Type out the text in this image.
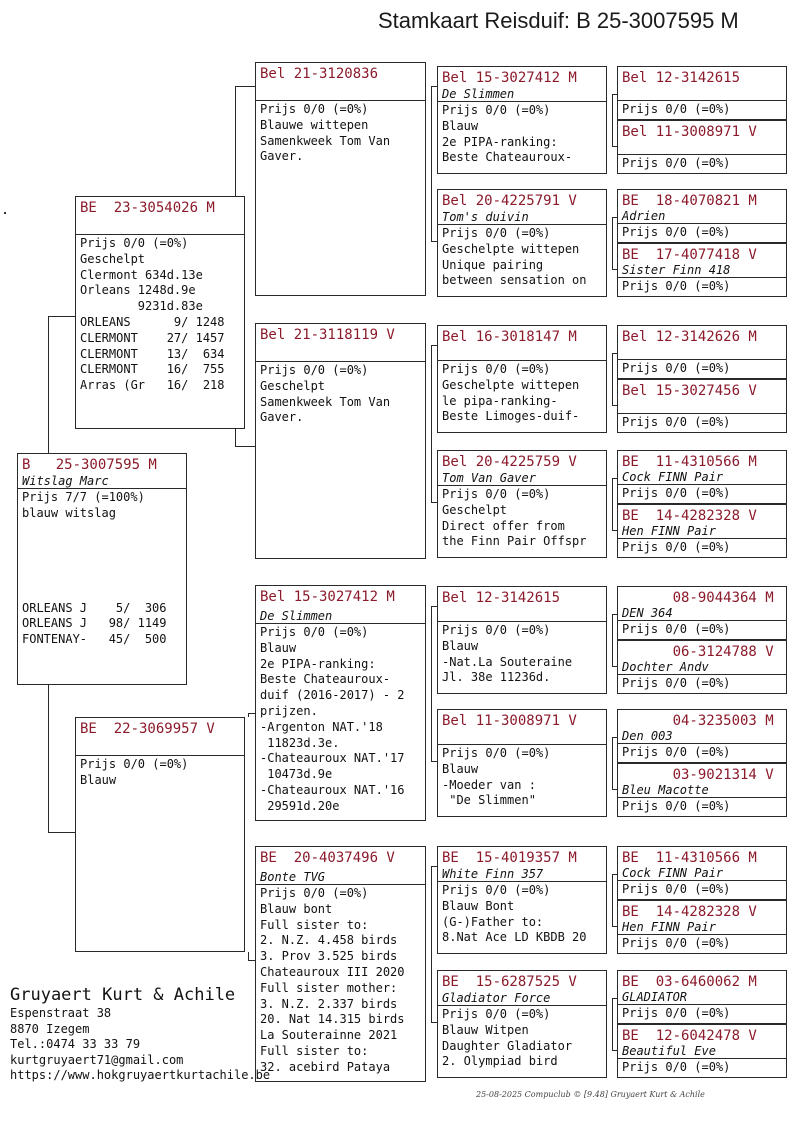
Stamkaart Reisduif: B 25-3007595 M
B   25-3007595 M
Witslag Marc
Prijs 7/7 (=100%)
blauw witslag

ORLEANS J    5/  306
ORLEANS J   98/ 1149
FONTENAY-   45/  500
BE  23-3054026 M
Prijs 0/0 (=0%)
Geschelpt
Clermont 634d.13e
Orleans 1248d.9e
9231d.83e
ORLEANS      9/ 1248
CLERMONT    27/ 1457
CLERMONT    13/  634
CLERMONT    16/  755
Arras (Gr   16/  218
BE  22-3069957 V
Prijs 0/0 (=0%)
Blauw
Bel 21-3120836
Prijs 0/0 (=0%)
Blauwe wittepen
Samenkweek Tom Van
Gaver.
Bel 21-3118119 V
Prijs 0/0 (=0%)
Geschelpt
Samenkweek Tom Van
Gaver.
Bel 15-3027412 M
De Slimmen
Prijs 0/0 (=0%)
Blauw
2e PIPA-ranking:
Beste Chateauroux-
duif (2016-2017) - 2
prijzen.
-Argenton NAT.'18
11823d.3e.
-Chateauroux NAT.'17
10473d.9e
-Chateauroux NAT.'16
29591d.20e
BE  20-4037496 V
Bonte TVG
Prijs 0/0 (=0%)
Blauw bont
Full sister to:
2. N.Z. 4.458 birds
3. Prov 3.525 birds
Chateauroux III 2020
Full sister mother:
3. N.Z. 2.337 birds
20. Nat 14.315 birds
La Souterainne 2021
Full sister to:
32. acebird Pataya
Bel 15-3027412 M
De Slimmen
Prijs 0/0 (=0%)
Blauw
2e PIPA-ranking:
Beste Chateauroux-
Bel 20-4225791 V
Tom's duivin
Prijs 0/0 (=0%)
Geschelpte wittepen
Unique pairing
between sensation on
Bel 16-3018147 M
Prijs 0/0 (=0%)
Geschelpte wittepen
le pipa-ranking-
Beste Limoges-duif-
Bel 20-4225759 V
Tom Van Gaver
Prijs 0/0 (=0%)
Geschelpt
Direct offer from
the Finn Pair Offspr
Bel 12-3142615
Prijs 0/0 (=0%)
Blauw
-Nat.La Souteraine
Jl. 38e 11236d.
Bel 11-3008971 V
Prijs 0/0 (=0%)
Blauw
-Moeder van :
"De Slimmen"
BE  15-4019357 M
White Finn 357
Prijs 0/0 (=0%)
Blauw Bont
(G-)Father to:
8.Nat Ace LD KBDB 20
BE  15-6287525 V
Gladiator Force
Prijs 0/0 (=0%)
Blauw Witpen
Daughter Gladiator
2. Olympiad bird
Bel 12-3142615
Prijs 0/0 (=0%)
Bel 11-3008971 V
Prijs 0/0 (=0%)
BE  18-4070821 M
Adrien
Prijs 0/0 (=0%)
BE  17-4077418 V
Sister Finn 418
Prijs 0/0 (=0%)
Bel 12-3142626 M
Prijs 0/0 (=0%)
Bel 15-3027456 V
Prijs 0/0 (=0%)
BE  11-4310566 M
Cock FINN Pair
Prijs 0/0 (=0%)
BE  14-4282328 V
Hen FINN Pair
Prijs 0/0 (=0%)
08-9044364 M
DEN 364
Prijs 0/0 (=0%)
06-3124788 V
Dochter Andv
Prijs 0/0 (=0%)
04-3235003 M
Den 003
Prijs 0/0 (=0%)
03-9021314 V
Bleu Macotte
Prijs 0/0 (=0%)
BE  11-4310566 M
Cock FINN Pair
Prijs 0/0 (=0%)
BE  14-4282328 V
Hen FINN Pair
Prijs 0/0 (=0%)
BE  03-6460062 M
GLADIATOR
Prijs 0/0 (=0%)
BE  12-6042478 V
Beautiful Eve
Prijs 0/0 (=0%)
Gruyaert Kurt & Achile
Espenstraat 38
8870 Izegem
Tel.:0474 33 33 79
kurtgruyaert71@gmail.com
https://www.hokgruyaertkurtachile.be
25-08-2025 Compuclub © [9.48] Gruyaert Kurt & Achile
